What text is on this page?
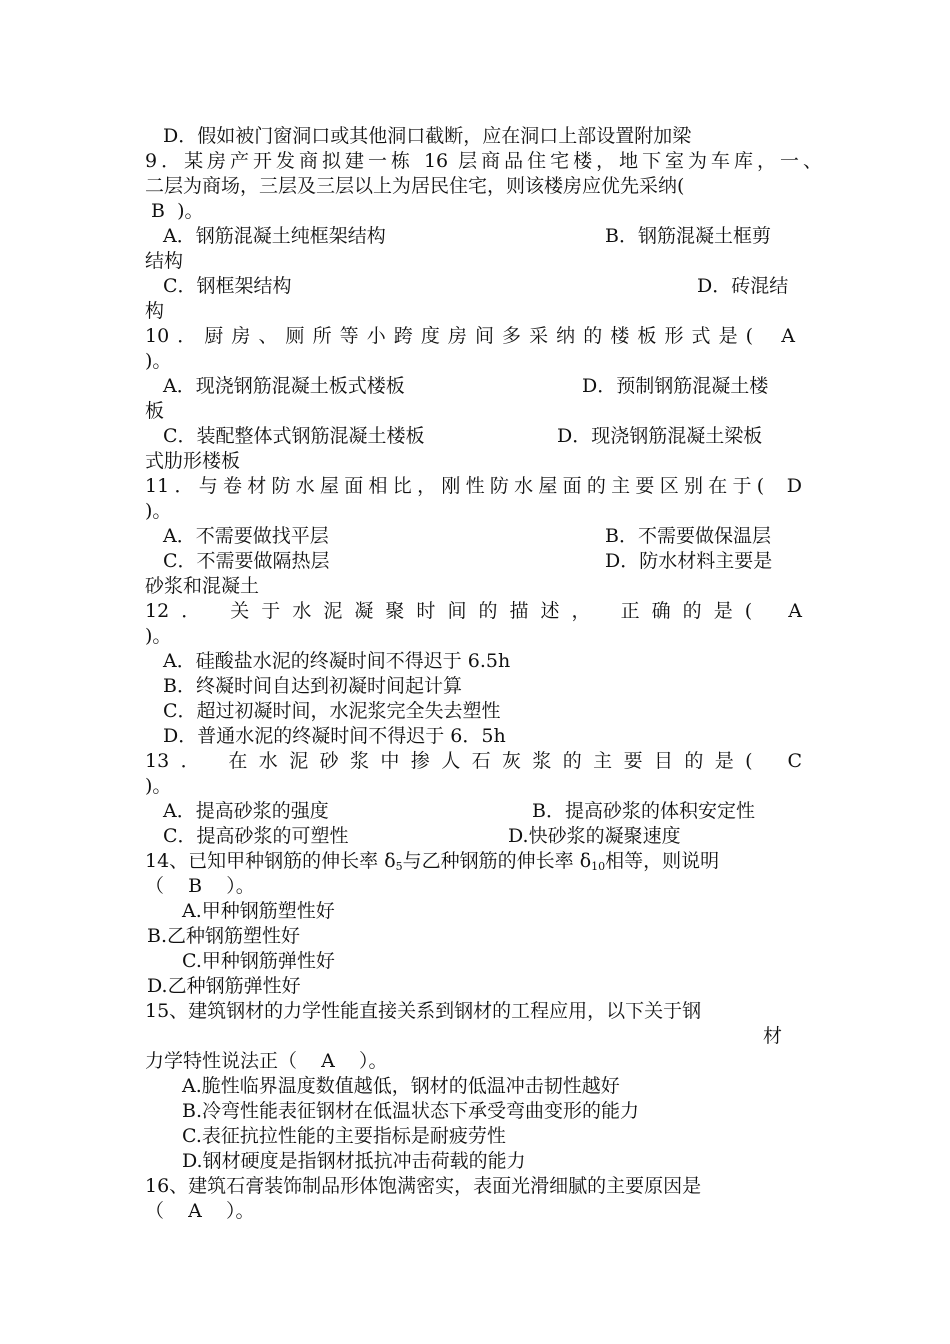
D．假如被门窗洞口或其他洞口截断，应在洞口上部设置附加梁
9．某房产开发商拟建一栋 16 层商品住宅楼，地下室为车库，一、
二层为商场，三层及三层以上为居民住宅，则该楼房应优先采纳(
B  )。
A．钢筋混凝土纯框架结构	B．钢筋混凝土框剪
结构
C．钢框架结构	D．砖混结
构
10．厨房、厕所等小跨度房间多采纳的楼板形式是(  A
)。
A．现浇钢筋混凝土板式楼板	D．预制钢筋混凝土楼
板
C．装配整体式钢筋混凝土楼板	D．现浇钢筋混凝土梁板
式肋形楼板
11．与卷材防水屋面相比，刚性防水屋面的主要区别在于(  D
)。
A．不需要做找平层	B．不需要做保温层
C．不需要做隔热层	D．防水材料主要是
砂浆和混凝土
12． 关于水泥凝聚时间的描述， 正确的是(  A
)。
A．硅酸盐水泥的终凝时间不得迟于 6.5h
B．终凝时间自达到初凝时间起计算
C．超过初凝时间，水泥浆完全失去塑性
D．普通水泥的终凝时间不得迟于 6．5h
13． 在水泥砂浆中掺人石灰浆的主要目的是(  C
)。
A．提高砂浆的强度	B．提高砂浆的体积安定性
C．提高砂浆的可塑性	D.快砂浆的凝聚速度
14、已知甲种钢筋的伸长率 $\delta_5$与乙种钢筋的伸长率 $\delta_{10}$相等，则说明
（    B    ）。
A.甲种钢筋塑性好
B.乙种钢筋塑性好
C.甲种钢筋弹性好
D.乙种钢筋弹性好
15、建筑钢材的力学性能直接关系到钢材的工程应用，以下关于钢
材
力学特性说法正（    A    ）。
A.脆性临界温度数值越低，钢材的低温冲击韧性越好
B.冷弯性能表征钢材在低温状态下承受弯曲变形的能力
C.表征抗拉性能的主要指标是耐疲劳性
D.钢材硬度是指钢材抵抗冲击荷载的能力
16、建筑石膏装饰制品形体饱满密实，表面光滑细腻的主要原因是
（    A    ）。
